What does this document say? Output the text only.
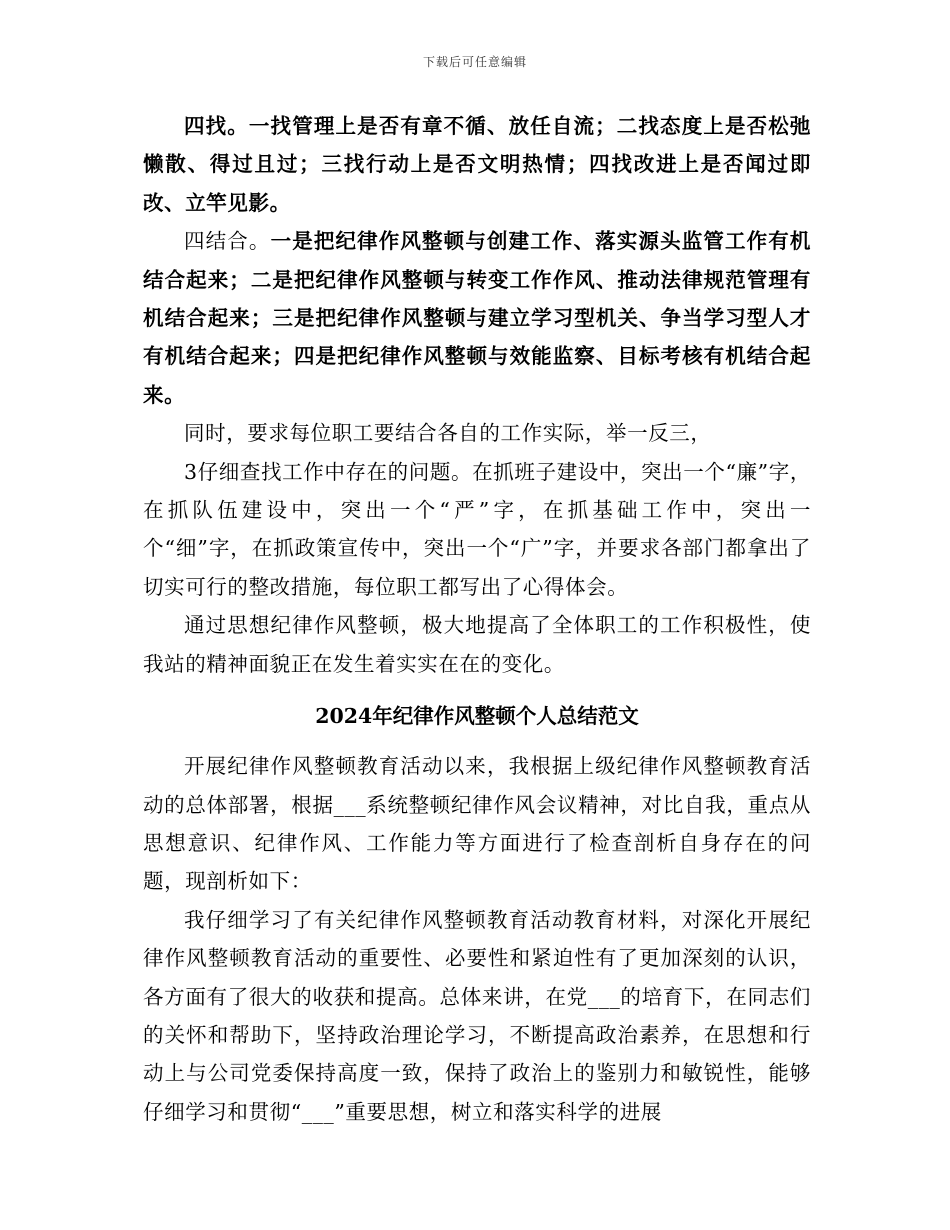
下载后可任意编辑

四找。一找管理上是否有章不循、放任自流；二找态度上是否松弛懒散、得过且过；三找行动上是否文明热情；四找改进上是否闻过即改、立竿见影。

四结合。一是把纪律作风整顿与创建工作、落实源头监管工作有机结合起来；二是把纪律作风整顿与转变工作作风、推动法律规范管理有机结合起来；三是把纪律作风整顿与建立学习型机关、争当学习型人才有机结合起来；四是把纪律作风整顿与效能监察、目标考核有机结合起来。

同时，要求每位职工要结合各自的工作实际，举一反三，

3仔细查找工作中存在的问题。在抓班子建设中，突出一个“廉”字，在抓队伍建设中，突出一个“严”字，在抓基础工作中，突出一个“细”字，在抓政策宣传中，突出一个“广”字，并要求各部门都拿出了切实可行的整改措施，每位职工都写出了心得体会。

通过思想纪律作风整顿，极大地提高了全体职工的工作积极性，使我站的精神面貌正在发生着实实在在的变化。

2024年纪律作风整顿个人总结范文

开展纪律作风整顿教育活动以来，我根据上级纪律作风整顿教育活动的总体部署，根据___系统整顿纪律作风会议精神，对比自我，重点从思想意识、纪律作风、工作能力等方面进行了检查剖析自身存在的问题，现剖析如下：

我仔细学习了有关纪律作风整顿教育活动教育材料，对深化开展纪律作风整顿教育活动的重要性、必要性和紧迫性有了更加深刻的认识，各方面有了很大的收获和提高。总体来讲，在党___的培育下，在同志们的关怀和帮助下，坚持政治理论学习，不断提高政治素养，在思想和行动上与公司党委保持高度一致，保持了政治上的鉴别力和敏锐性，能够仔细学习和贯彻“___”重要思想，树立和落实科学的进展
